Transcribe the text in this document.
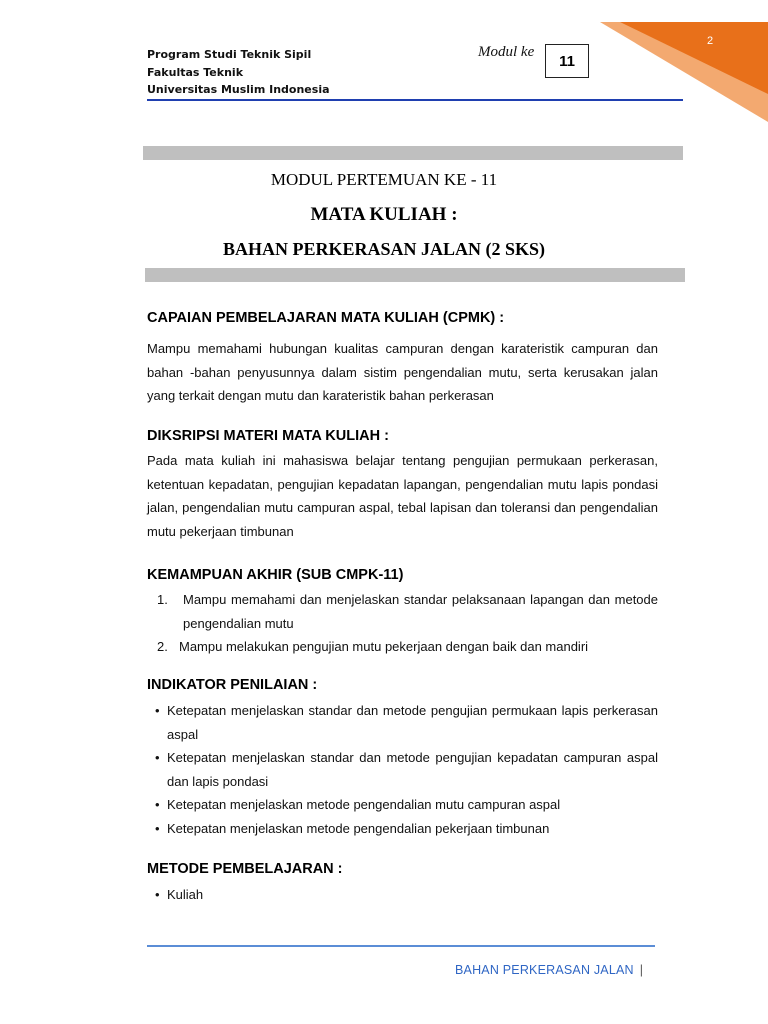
Program Studi Teknik Sipil
Fakultas Teknik
Universitas Muslim Indonesia
Modul ke
11
2
MODUL PERTEMUAN KE - 11
MATA KULIAH :
BAHAN PERKERASAN JALAN (2 SKS)
CAPAIAN PEMBELAJARAN MATA KULIAH (CPMK) :
Mampu memahami hubungan kualitas campuran dengan karateristik campuran dan bahan -bahan penyusunnya dalam sistim pengendalian mutu, serta kerusakan jalan yang terkait dengan mutu dan karateristik bahan perkerasan
DIKSRIPSI MATERI MATA KULIAH :
Pada mata kuliah ini mahasiswa belajar tentang pengujian permukaan perkerasan, ketentuan kepadatan, pengujian kepadatan lapangan, pengendalian mutu lapis pondasi jalan, pengendalian mutu campuran aspal, tebal lapisan dan toleransi dan pengendalian mutu pekerjaan timbunan
KEMAMPUAN AKHIR (SUB CMPK-11)
1. Mampu memahami dan menjelaskan standar pelaksanaan lapangan dan metode pengendalian mutu
2. Mampu melakukan pengujian mutu pekerjaan dengan baik dan mandiri
INDIKATOR PENILAIAN :
• Ketepatan menjelaskan standar dan metode pengujian permukaan lapis perkerasan aspal
• Ketepatan menjelaskan standar dan metode pengujian kepadatan campuran aspal dan lapis pondasi
• Ketepatan menjelaskan metode pengendalian mutu campuran aspal
• Ketepatan menjelaskan metode pengendalian pekerjaan timbunan
METODE PEMBELAJARAN :
• Kuliah
BAHAN PERKERASAN JALAN |
